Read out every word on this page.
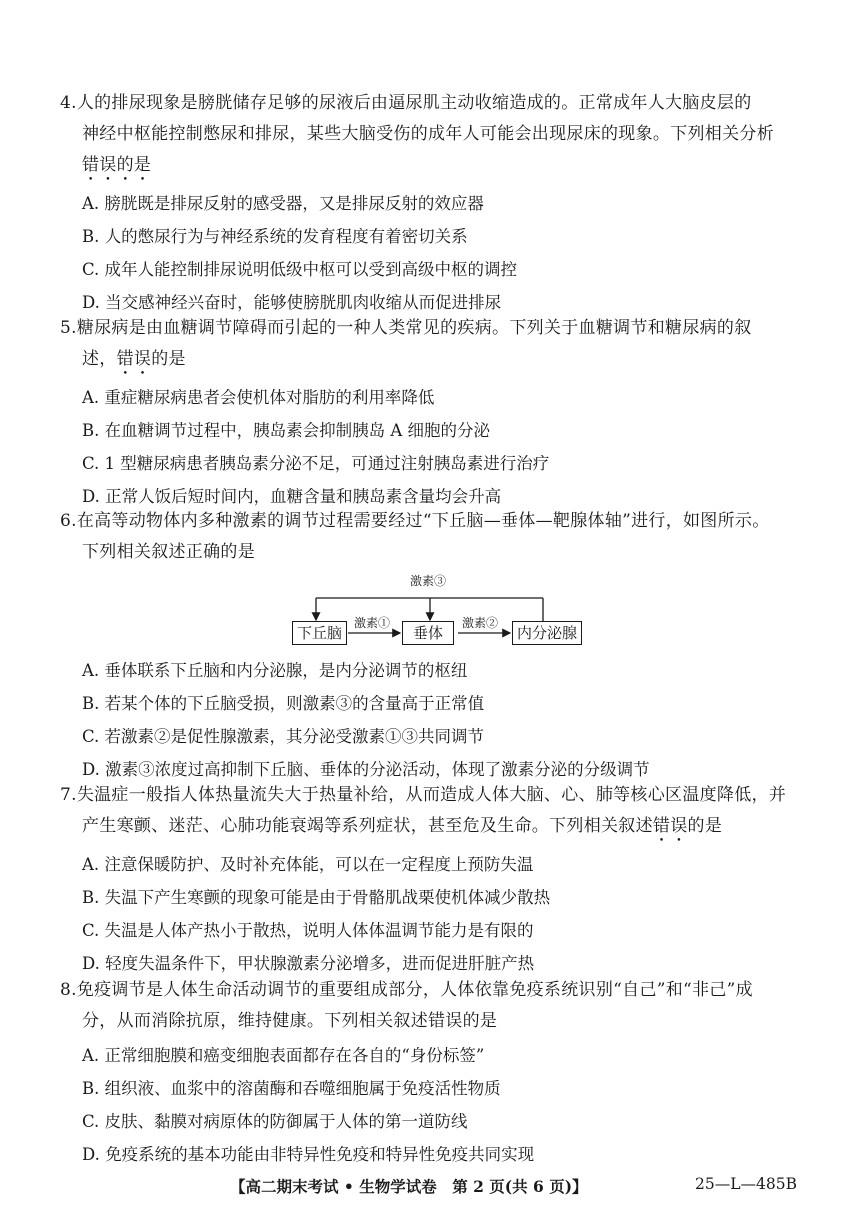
4.人的排尿现象是膀胱储存足够的尿液后由逼尿肌主动收缩造成的。正常成年人大脑皮层的
神经中枢能控制憋尿和排尿，某些大脑受伤的成年人可能会出现尿床的现象。下列相关分析
错误的是
A. 膀胱既是排尿反射的感受器，又是排尿反射的效应器
B. 人的憋尿行为与神经系统的发育程度有着密切关系
C. 成年人能控制排尿说明低级中枢可以受到高级中枢的调控
D. 当交感神经兴奋时，能够使膀胱肌肉收缩从而促进排尿
5.糖尿病是由血糖调节障碍而引起的一种人类常见的疾病。下列关于血糖调节和糖尿病的叙
述，错误的是
A. 重症糖尿病患者会使机体对脂肪的利用率降低
B. 在血糖调节过程中，胰岛素会抑制胰岛 A 细胞的分泌
C. 1 型糖尿病患者胰岛素分泌不足，可通过注射胰岛素进行治疗
D. 正常人饭后短时间内，血糖含量和胰岛素含量均会升高
6.在高等动物体内多种激素的调节过程需要经过“下丘脑—垂体—靶腺体轴”进行，如图所示。
下列相关叙述正确的是
激素③
激素①	激素②
下丘脑	垂体	内分泌腺
A. 垂体联系下丘脑和内分泌腺，是内分泌调节的枢纽
B. 若某个体的下丘脑受损，则激素③的含量高于正常值
C. 若激素②是促性腺激素，其分泌受激素①③共同调节
D. 激素③浓度过高抑制下丘脑、垂体的分泌活动，体现了激素分泌的分级调节
7.失温症一般指人体热量流失大于热量补给，从而造成人体大脑、心、肺等核心区温度降低，并
产生寒颤、迷茫、心肺功能衰竭等系列症状，甚至危及生命。下列相关叙述错误的是
A. 注意保暖防护、及时补充体能，可以在一定程度上预防失温
B. 失温下产生寒颤的现象可能是由于骨骼肌战栗使机体减少散热
C. 失温是人体产热小于散热，说明人体体温调节能力是有限的
D. 轻度失温条件下，甲状腺激素分泌增多，进而促进肝脏产热
8.免疫调节是人体生命活动调节的重要组成部分，人体依靠免疫系统识别“自己”和“非己”成
分，从而消除抗原，维持健康。下列相关叙述错误的是
A. 正常细胞膜和癌变细胞表面都存在各自的“身份标签”
B. 组织液、血浆中的溶菌酶和吞噬细胞属于免疫活性物质
C. 皮肤、黏膜对病原体的防御属于人体的第一道防线
D. 免疫系统的基本功能由非特异性免疫和特异性免疫共同实现
【高二期末考试 • 生物学试卷　第 2 页(共 6 页)】	25—L—485B
